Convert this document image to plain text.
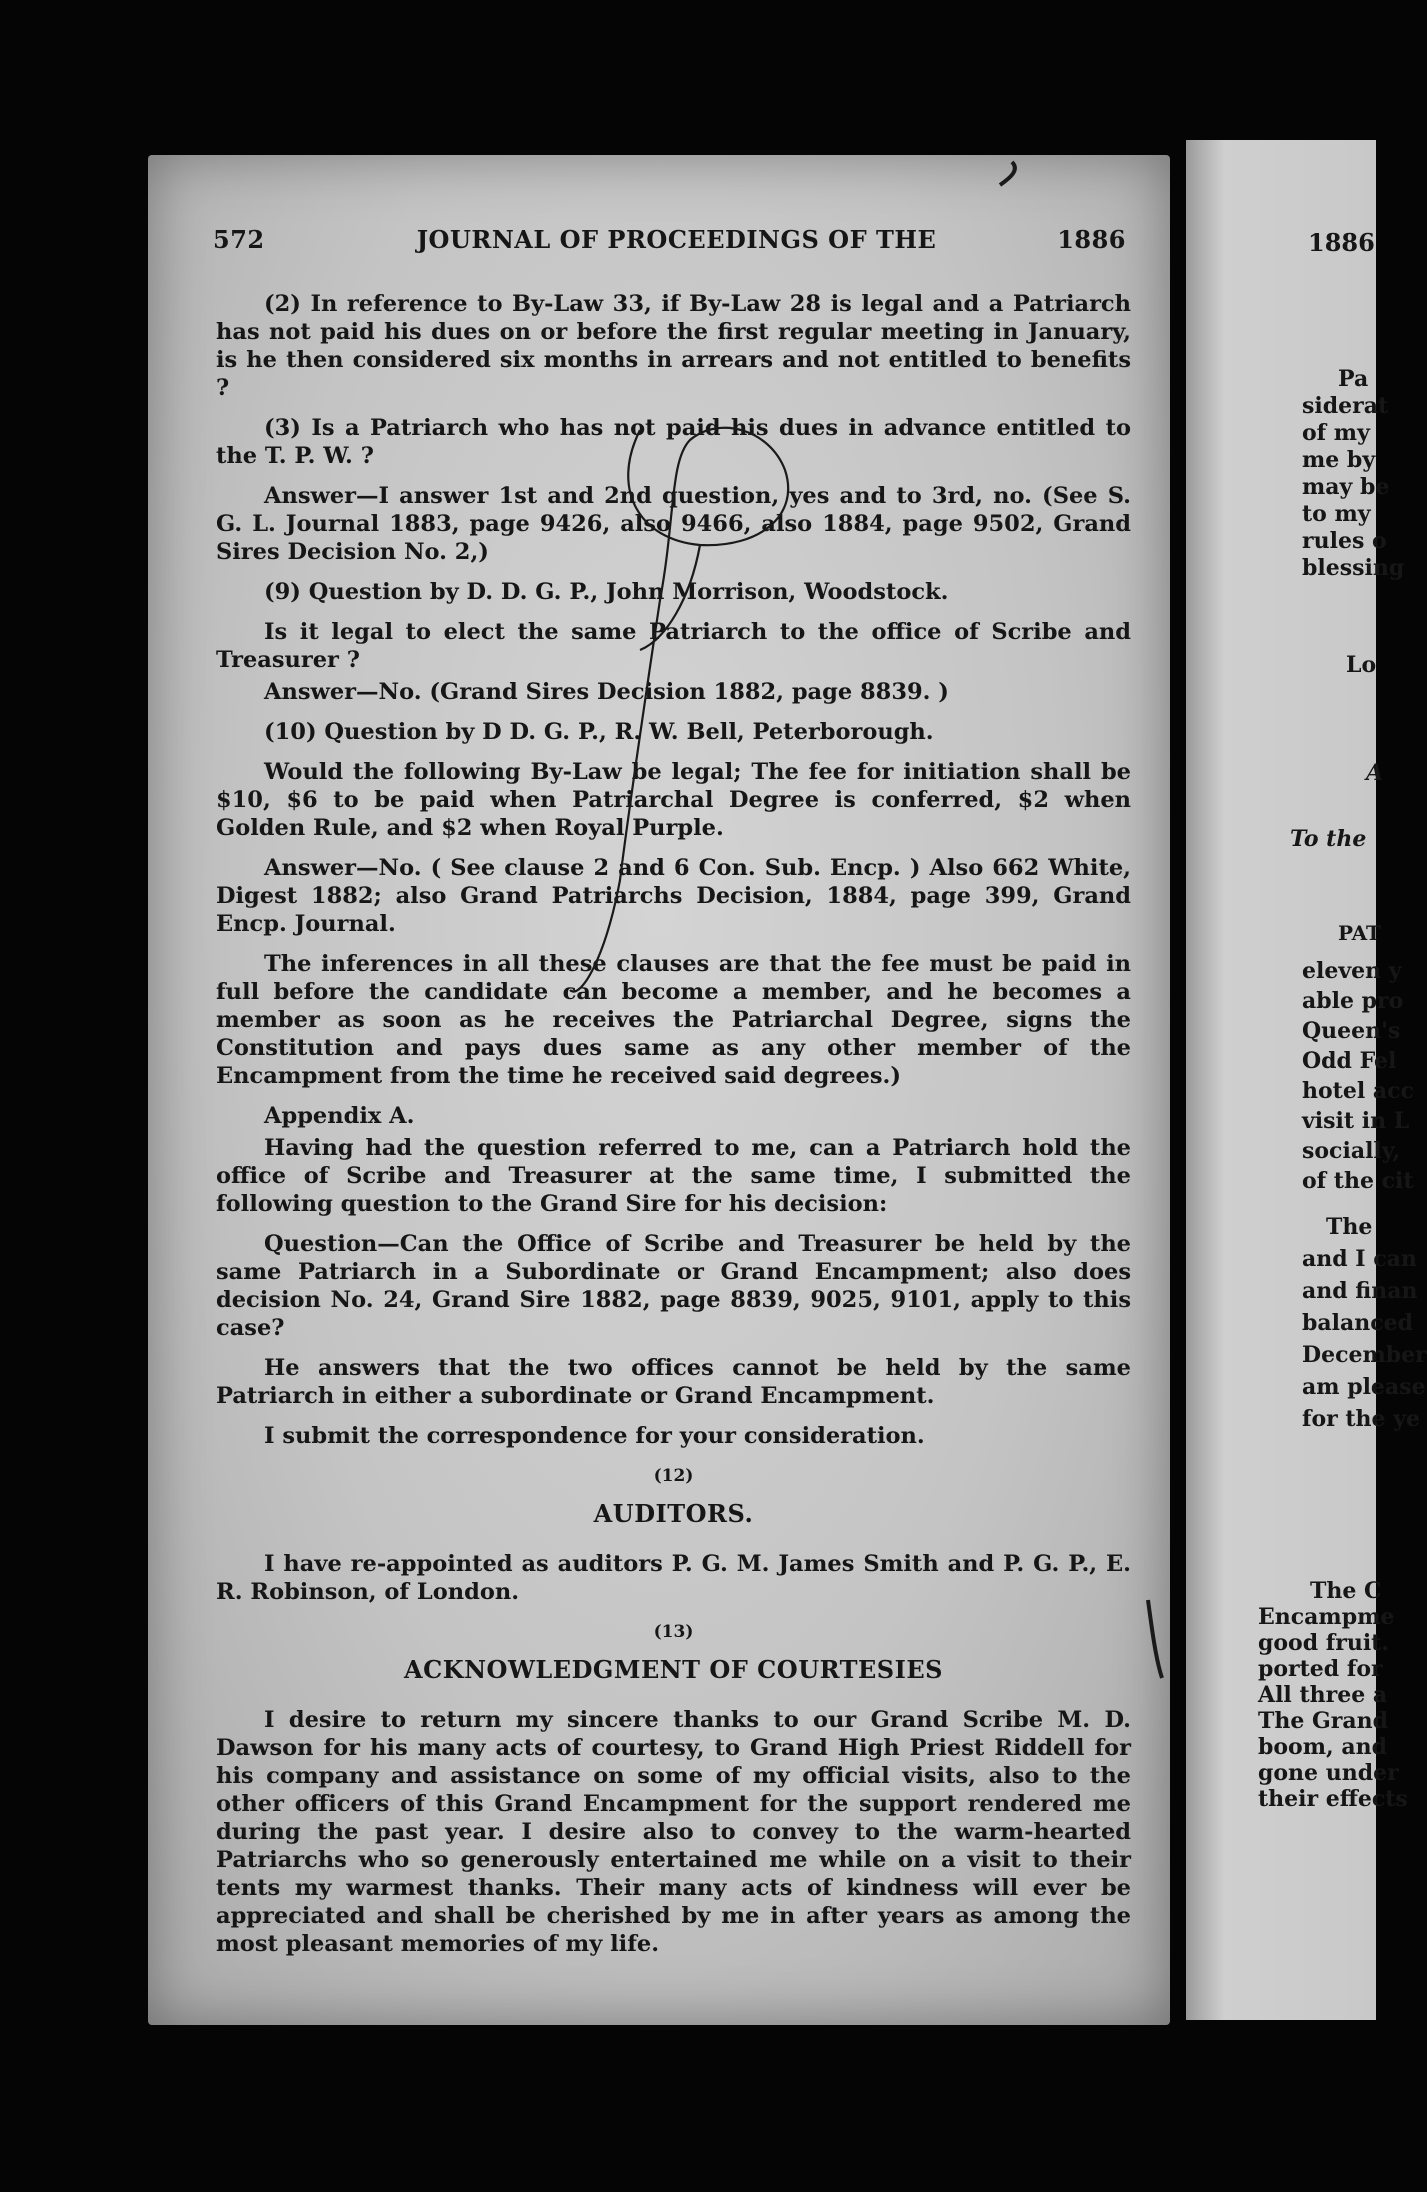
572	JOURNAL OF PROCEEDINGS OF THE	1886

(2) In reference to By-Law 33, if By-Law 28 is legal and a Patriarch has not paid his dues on or before the first regular meeting in January, is he then considered six months in arrears and not entitled to benefits ?

(3) Is a Patriarch who has not paid his dues in advance entitled to the T. P. W. ?

Answer—I answer 1st and 2nd question, yes and to 3rd, no. (See S. G. L. Journal 1883, page 9426, also 9466, also 1884, page 9502, Grand Sires Decision No. 2,)

(9) Question by D. D. G. P., John Morrison, Woodstock.

Is it legal to elect the same Patriarch to the office of Scribe and Treasurer ?

Answer—No. (Grand Sires Decision 1882, page 8839. )

(10) Question by D D. G. P., R. W. Bell, Peterborough.

Would the following By-Law be legal; The fee for initiation shall be $10, $6 to be paid when Patriarchal Degree is conferred, $2 when Golden Rule, and $2 when Royal Purple.

Answer—No. ( See clause 2 and 6 Con. Sub. Encp. ) Also 662 White, Digest 1882; also Grand Patriarchs Decision, 1884, page 399, Grand Encp. Journal.

The inferences in all these clauses are that the fee must be paid in full before the candidate can become a member, and he becomes a member as soon as he receives the Patriarchal Degree, signs the Constitution and pays dues same as any other member of the Encampment from the time he received said degrees.)

Appendix A.

Having had the question referred to me, can a Patriarch hold the office of Scribe and Treasurer at the same time, I submitted the following question to the Grand Sire for his decision:

Question—Can the Office of Scribe and Treasurer be held by the same Patriarch in a Subordinate or Grand Encampment; also does decision No. 24, Grand Sire 1882, page 8839, 9025, 9101, apply to this case?

He answers that the two offices cannot be held by the same Patriarch in either a subordinate or Grand Encampment.

I submit the correspondence for your consideration.

(12)

AUDITORS.

I have re-appointed as auditors P. G. M. James Smith and P. G. P., E. R. Robinson, of London.

(13)

ACKNOWLEDGMENT OF COURTESIES

I desire to return my sincere thanks to our Grand Scribe M. D. Dawson for his many acts of courtesy, to Grand High Priest Riddell for his company and assistance on some of my official visits, also to the other officers of this Grand Encampment for the support rendered me during the past year. I desire also to convey to the warm-hearted Patriarchs who so generously entertained me while on a visit to their tents my warmest thanks. Their many acts of kindness will ever be appreciated and shall be cherished by me in after years as among the most pleasant memories of my life.

1886
Pa
siderat
of my
me by
may be
to my
rules o
blessing
Lo
A
To the
PAT
eleven y
able pro
Queen's
Odd Fel
hotel acc
visit in L
socially,
of the cit
The
and I can
and finan
balanced
December
am please
for the ye
The C
Encampme
good fruit.
ported for
All three a
The Grand
boom, and
gone under
their effects
